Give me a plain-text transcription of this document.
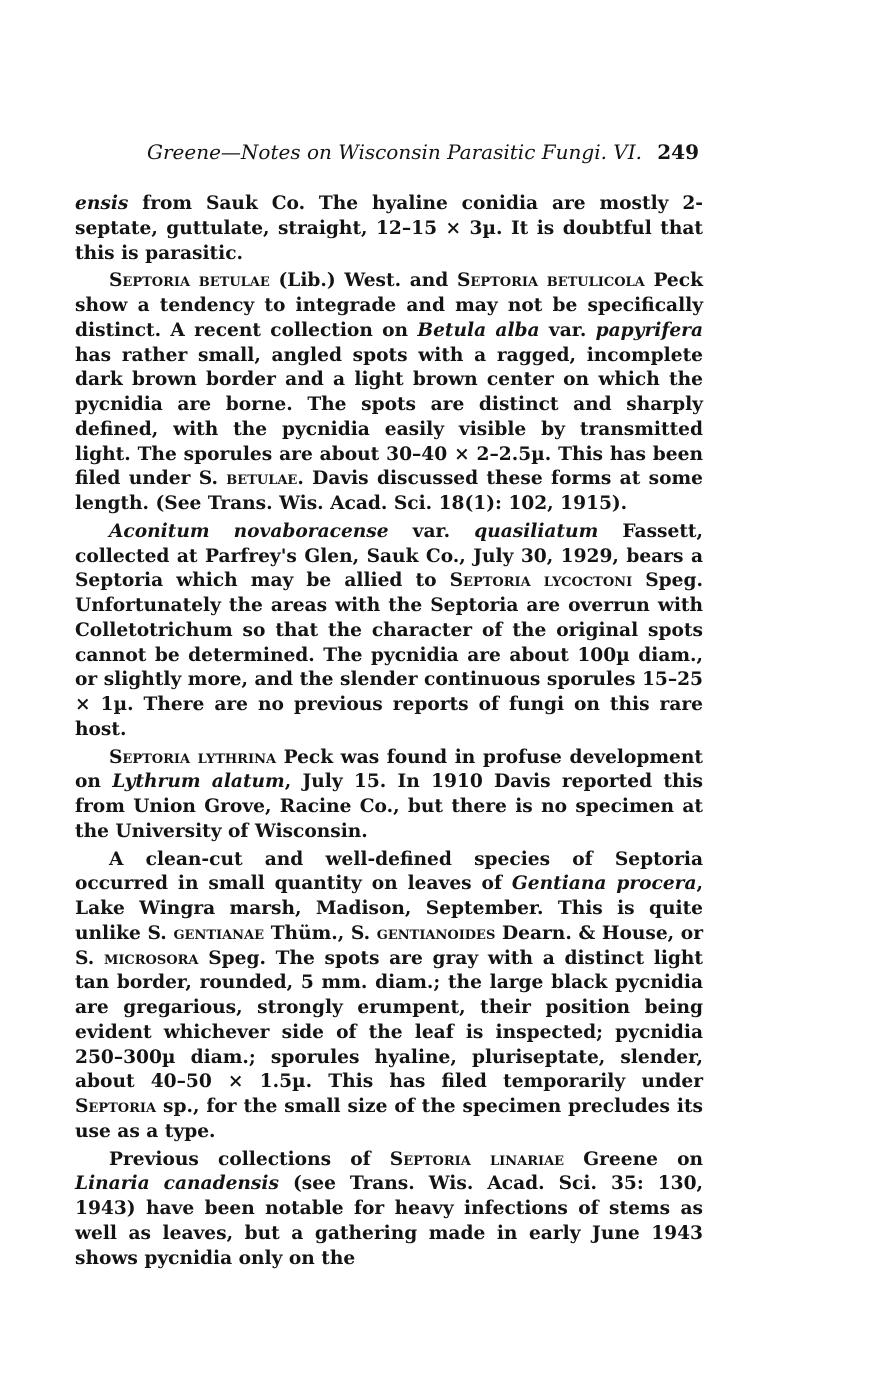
Greene—Notes on Wisconsin Parasitic Fungi. VI. 249

ensis from Sauk Co. The hyaline conidia are mostly 2-septate, guttulate, straight, 12–15 × 3µ. It is doubtful that this is parasitic.

Septoria betulae (Lib.) West. and Septoria betulicola Peck show a tendency to integrade and may not be specifically distinct. A recent collection on Betula alba var. papyrifera has rather small, angled spots with a ragged, incomplete dark brown border and a light brown center on which the pycnidia are borne. The spots are distinct and sharply defined, with the pycnidia easily visible by transmitted light. The sporules are about 30–40 × 2–2.5µ. This has been filed under S. betulae. Davis discussed these forms at some length. (See Trans. Wis. Acad. Sci. 18(1): 102, 1915).

Aconitum novaboracense var. quasiliatum Fassett, collected at Parfrey's Glen, Sauk Co., July 30, 1929, bears a Septoria which may be allied to Septoria lycoctoni Speg. Unfortunately the areas with the Septoria are overrun with Colletotrichum so that the character of the original spots cannot be determined. The pycnidia are about 100µ diam., or slightly more, and the slender continuous sporules 15–25 × 1µ. There are no previous reports of fungi on this rare host.

Septoria lythrina Peck was found in profuse development on Lythrum alatum, July 15. In 1910 Davis reported this from Union Grove, Racine Co., but there is no specimen at the University of Wisconsin.

A clean-cut and well-defined species of Septoria occurred in small quantity on leaves of Gentiana procera, Lake Wingra marsh, Madison, September. This is quite unlike S. gentianae Thüm., S. gentianoides Dearn. & House, or S. microsora Speg. The spots are gray with a distinct light tan border, rounded, 5 mm. diam.; the large black pycnidia are gregarious, strongly erumpent, their position being evident whichever side of the leaf is inspected; pycnidia 250–300µ diam.; sporules hyaline, pluriseptate, slender, about 40–50 × 1.5µ. This has filed temporarily under Septoria sp., for the small size of the specimen precludes its use as a type.

Previous collections of Septoria linariae Greene on Linaria canadensis (see Trans. Wis. Acad. Sci. 35: 130, 1943) have been notable for heavy infections of stems as well as leaves, but a gathering made in early June 1943 shows pycnidia only on the
